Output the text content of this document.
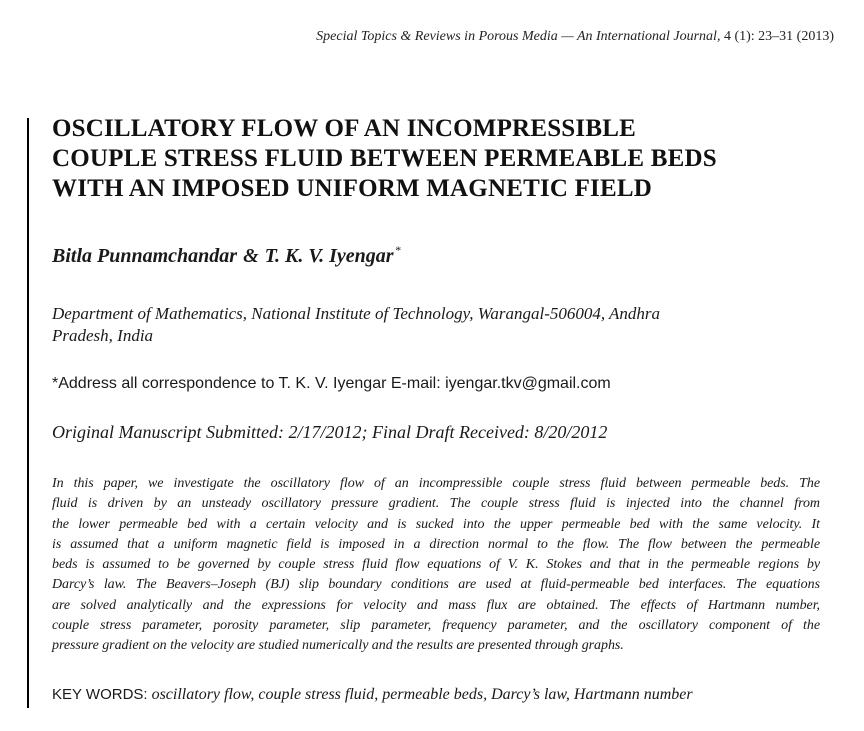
Special Topics & Reviews in Porous Media — An International Journal, 4 (1): 23–31 (2013)
OSCILLATORY FLOW OF AN INCOMPRESSIBLE
COUPLE STRESS FLUID BETWEEN PERMEABLE BEDS
WITH AN IMPOSED UNIFORM MAGNETIC FIELD
Bitla Punnamchandar & T. K. V. Iyengar*
Department of Mathematics, National Institute of Technology, Warangal-506004, Andhra
Pradesh, India
*Address all correspondence to T. K. V. Iyengar E-mail: iyengar.tkv@gmail.com
Original Manuscript Submitted: 2/17/2012; Final Draft Received: 8/20/2012
In this paper, we investigate the oscillatory flow of an incompressible couple stress fluid between permeable beds. The
fluid is driven by an unsteady oscillatory pressure gradient. The couple stress fluid is injected into the channel from
the lower permeable bed with a certain velocity and is sucked into the upper permeable bed with the same velocity. It
is assumed that a uniform magnetic field is imposed in a direction normal to the flow. The flow between the permeable
beds is assumed to be governed by couple stress fluid flow equations of V. K. Stokes and that in the permeable regions by
Darcy’s law. The Beavers–Joseph (BJ) slip boundary conditions are used at fluid-permeable bed interfaces. The equations
are solved analytically and the expressions for velocity and mass flux are obtained. The effects of Hartmann number,
couple stress parameter, porosity parameter, slip parameter, frequency parameter, and the oscillatory component of the
pressure gradient on the velocity are studied numerically and the results are presented through graphs.
KEY WORDS: oscillatory flow, couple stress fluid, permeable beds, Darcy’s law, Hartmann number
